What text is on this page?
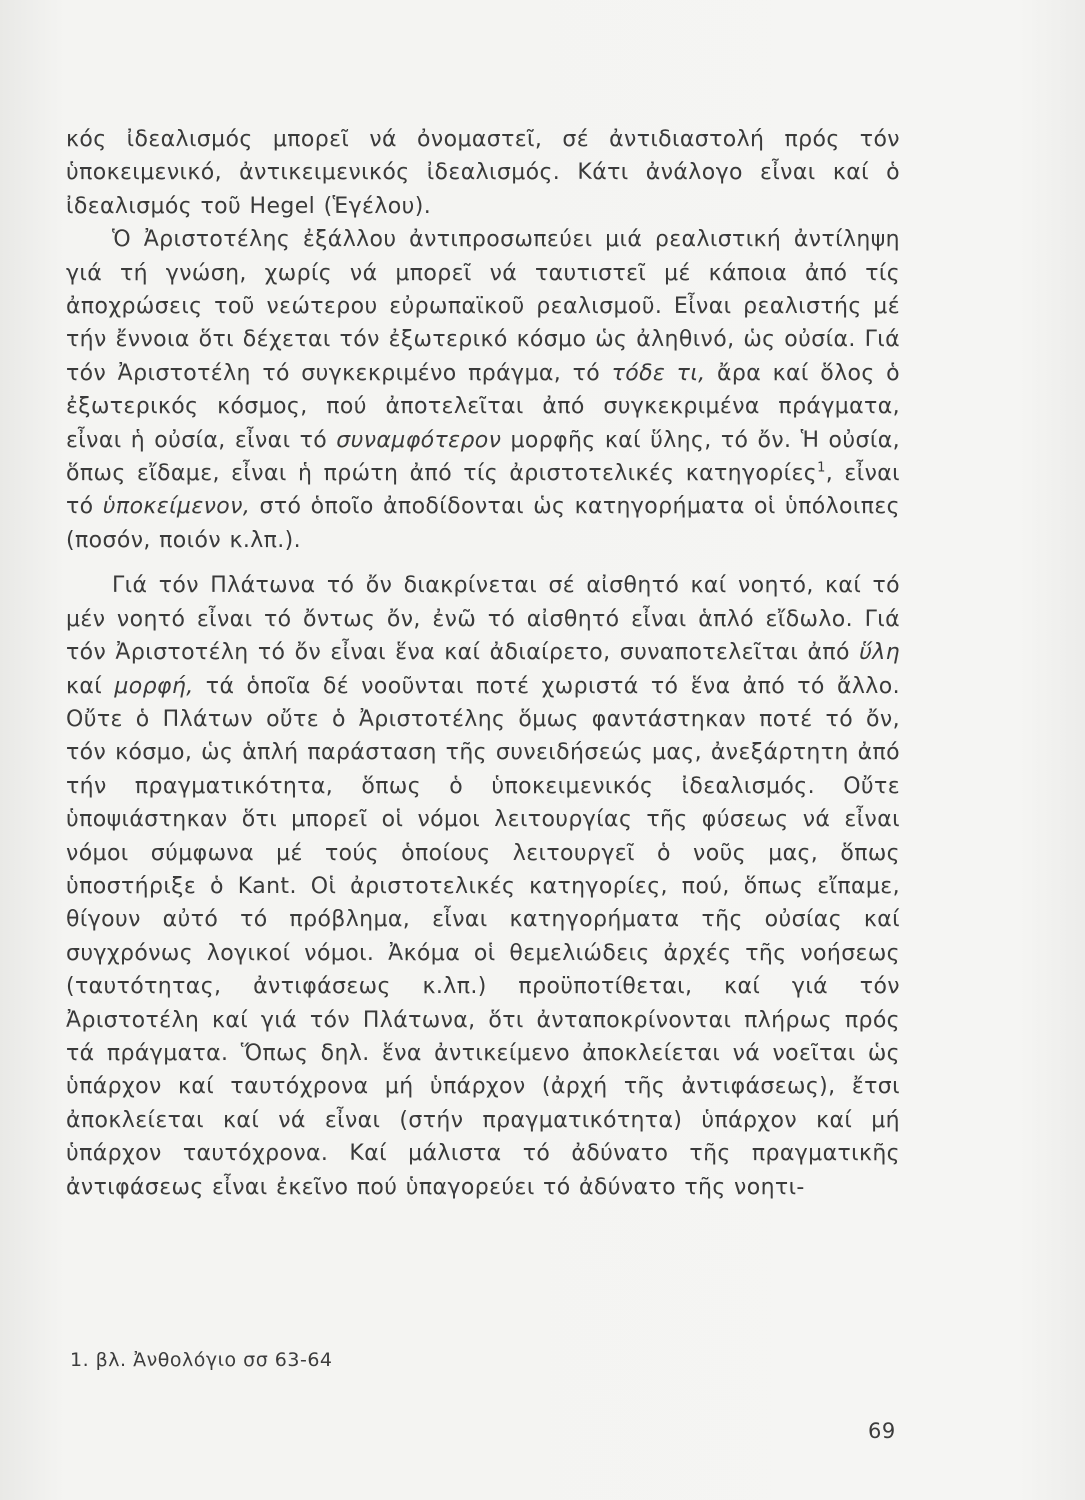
κός ἰδεαλισμός μπορεῖ νά ὀνομαστεῖ, σέ ἀντιδιαστολή πρός τόν ὑποκειμενικό, ἀντικειμενικός ἰδεαλισμός. Κάτι ἀνάλογο εἶναι καί ὁ ἰδεαλισμός τοῦ Hegel (Ἑγέλου).

Ὁ Ἀριστοτέλης ἐξάλλου ἀντιπροσωπεύει μιά ρεαλιστική ἀντίληψη γιά τή γνώση, χωρίς νά μπορεῖ νά ταυτιστεῖ μέ κάποια ἀπό τίς ἀποχρώσεις τοῦ νεώτερου εὐρωπαϊκοῦ ρεαλισμοῦ. Εἶναι ρεαλιστής μέ τήν ἔννοια ὅτι δέχεται τόν ἐξωτερικό κόσμο ὡς ἀληθινό, ὡς οὐσία. Γιά τόν Ἀριστοτέλη τό συγκεκριμένο πράγμα, τό τόδε τι, ἄρα καί ὅλος ὁ ἐξωτερικός κόσμος, πού ἀποτελεῖται ἀπό συγκεκριμένα πράγματα, εἶναι ἡ οὐσία, εἶναι τό συναμφότερον μορφῆς καί ὕλης, τό ὄν. Ἡ οὐσία, ὅπως εἴδαμε, εἶναι ἡ πρώτη ἀπό τίς ἀριστοτελικές κατηγορίες$^1$, εἶναι τό ὑποκείμενον, στό ὁποῖο ἀποδίδονται ὡς κατηγορήματα οἱ ὑπόλοιπες (ποσόν, ποιόν κ.λπ.).

Γιά τόν Πλάτωνα τό ὄν διακρίνεται σέ αἰσθητό καί νοητό, καί τό μέν νοητό εἶναι τό ὄντως ὄν, ἐνῶ τό αἰσθητό εἶναι ἁπλό εἴδωλο. Γιά τόν Ἀριστοτέλη τό ὄν εἶναι ἕνα καί ἀδιαίρετο, συναποτελεῖται ἀπό ὕλη καί μορφή, τά ὁποῖα δέ νοοῦνται ποτέ χωριστά τό ἕνα ἀπό τό ἄλλο. Οὔτε ὁ Πλάτων οὔτε ὁ Ἀριστοτέλης ὅμως φαντάστηκαν ποτέ τό ὄν, τόν κόσμο, ὡς ἁπλή παράσταση τῆς συνειδήσεώς μας, ἀνεξάρτητη ἀπό τήν πραγματικότητα, ὅπως ὁ ὑποκειμενικός ἰδεαλισμός. Οὔτε ὑποψιάστηκαν ὅτι μπορεῖ οἱ νόμοι λειτουργίας τῆς φύσεως νά εἶναι νόμοι σύμφωνα μέ τούς ὁποίους λειτουργεῖ ὁ νοῦς μας, ὅπως ὑποστήριξε ὁ Kant. Οἱ ἀριστοτελικές κατηγορίες, πού, ὅπως εἴπαμε, θίγουν αὐτό τό πρόβλημα, εἶναι κατηγορήματα τῆς οὐσίας καί συγχρόνως λογικοί νόμοι. Ἀκόμα οἱ θεμελιώδεις ἀρχές τῆς νοήσεως (ταυτότητας, ἀντιφάσεως κ.λπ.) προϋποτίθεται, καί γιά τόν Ἀριστοτέλη καί γιά τόν Πλάτωνα, ὅτι ἀνταποκρίνονται πλήρως πρός τά πράγματα. Ὅπως δηλ. ἕνα ἀντικείμενο ἀποκλείεται νά νοεῖται ὡς ὑπάρχον καί ταυτόχρονα μή ὑπάρχον (ἀρχή τῆς ἀντιφάσεως), ἔτσι ἀποκλείεται καί νά εἶναι (στήν πραγματικότητα) ὑπάρχον καί μή ὑπάρχον ταυτόχρονα. Καί μάλιστα τό ἀδύνατο τῆς πραγματικῆς ἀντιφάσεως εἶναι ἐκεῖνο πού ὑπαγορεύει τό ἀδύνατο τῆς νοητι-

1. βλ. Ἀνθολόγιο σσ 63-64
69
